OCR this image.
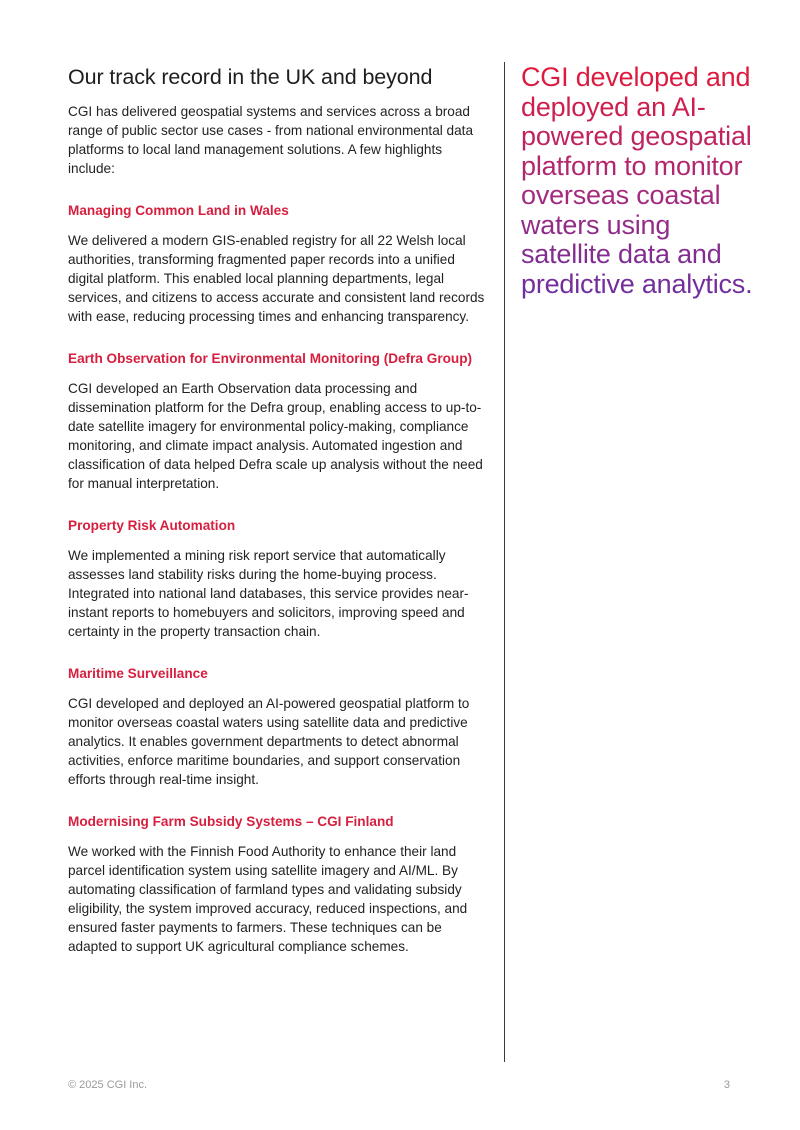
Our track record in the UK and beyond

CGI has delivered geospatial systems and services across a broad range of public sector use cases - from national environmental data platforms to local land management solutions. A few highlights include:

Managing Common Land in Wales

We delivered a modern GIS-enabled registry for all 22 Welsh local authorities, transforming fragmented paper records into a unified digital platform. This enabled local planning departments, legal services, and citizens to access accurate and consistent land records with ease, reducing processing times and enhancing transparency.

Earth Observation for Environmental Monitoring (Defra Group)

CGI developed an Earth Observation data processing and dissemination platform for the Defra group, enabling access to up-to-date satellite imagery for environmental policy-making, compliance monitoring, and climate impact analysis. Automated ingestion and classification of data helped Defra scale up analysis without the need for manual interpretation.

Property Risk Automation

We implemented a mining risk report service that automatically assesses land stability risks during the home-buying process. Integrated into national land databases, this service provides near-instant reports to homebuyers and solicitors, improving speed and certainty in the property transaction chain.

Maritime Surveillance

CGI developed and deployed an AI-powered geospatial platform to monitor overseas coastal waters using satellite data and predictive analytics. It enables government departments to detect abnormal activities, enforce maritime boundaries, and support conservation efforts through real-time insight.

Modernising Farm Subsidy Systems – CGI Finland

We worked with the Finnish Food Authority to enhance their land parcel identification system using satellite imagery and AI/ML. By automating classification of farmland types and validating subsidy eligibility, the system improved accuracy, reduced inspections, and ensured faster payments to farmers. These techniques can be adapted to support UK agricultural compliance schemes.

CGI developed and deployed an AI-powered geospatial platform to monitor overseas coastal waters using satellite data and predictive analytics.

© 2025 CGI Inc.	3
